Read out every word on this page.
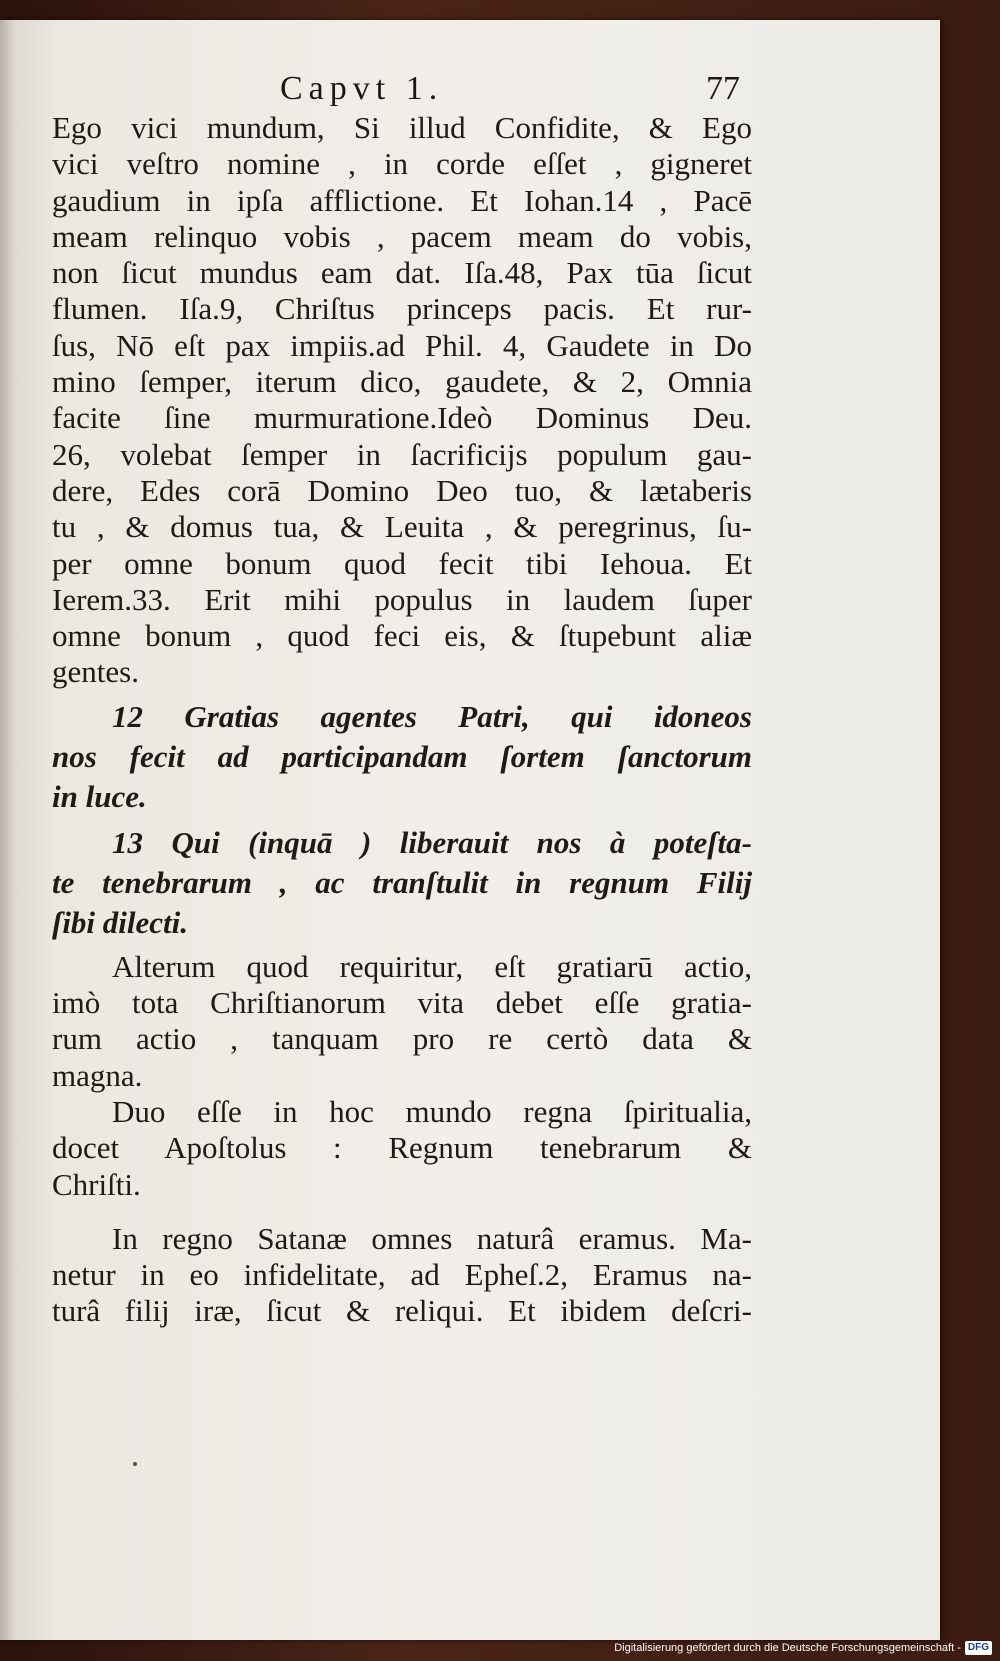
Capvt 1.	77

Ego vici mundum, Si illud Confidite, & Ego
vici veſtro nomine , in corde eſſet , gigneret
gaudium in ipſa afflictione. Et Iohan.14 , Pacē
meam relinquo vobis , pacem meam do vobis,
non ſicut mundus eam dat. Iſa.48, Pax tūa ſicut
flumen. Iſa.9, Chriſtus princeps pacis. Et rur-
ſus, Nō eſt pax impiis.ad Phil. 4, Gaudete in Do
mino ſemper, iterum dico, gaudete, & 2, Omnia
facite ſine murmuratione.Ideò Dominus Deu.
26, volebat ſemper in ſacrificijs populum gau-
dere, Edes corā Domino Deo tuo, & lætaberis
tu , & domus tua, & Leuita , & peregrinus, ſu-
per omne bonum quod fecit tibi Iehoua. Et
Ierem.33. Erit mihi populus in laudem ſuper
omne bonum , quod feci eis, & ſtupebunt aliæ
gentes.

12 Gratias agentes Patri, qui idoneos
nos fecit ad participandam ſortem ſanctorum
in luce.

13 Qui (inquā ) liberauit nos à poteſta-
te tenebrarum , ac tranſtulit in regnum Filij
ſibi dilecti.

Alterum quod requiritur, eſt gratiarū actio,
imò tota Chriſtianorum vita debet eſſe gratia-
rum actio , tanquam pro re certò data &
magna.

Duo eſſe in hoc mundo regna ſpiritualia,
docet Apoſtolus : Regnum tenebrarum &
Chriſti.

In regno Satanæ omnes naturâ eramus. Ma-
netur in eo infidelitate, ad Epheſ.2, Eramus na-
turâ filij iræ, ſicut & reliqui. Et ibidem deſcri-

Digitalisierung gefördert durch die Deutsche Forschungsgemeinschaft - DFG
